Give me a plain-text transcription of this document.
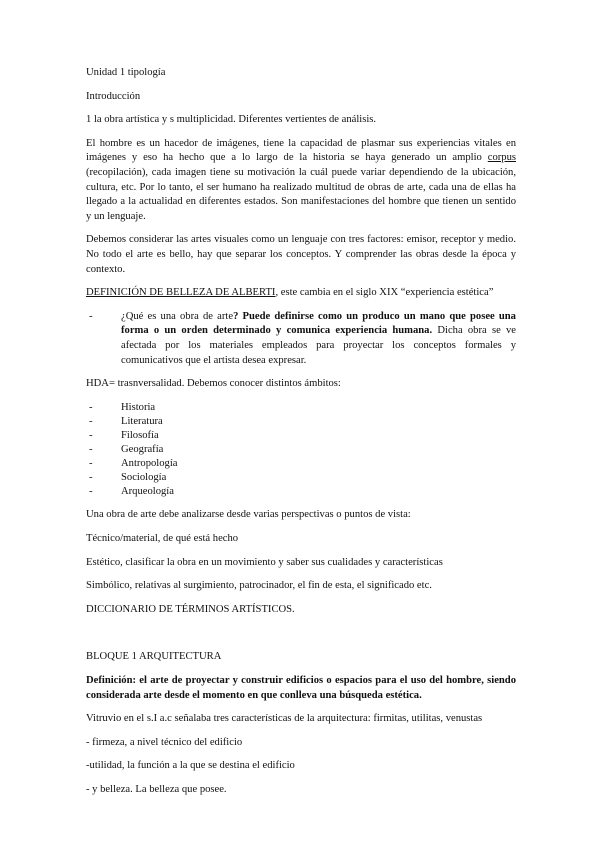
Unidad 1 tipología

Introducción

1 la obra artística y s multiplicidad. Diferentes vertientes de análisis.

El hombre es un hacedor de imágenes, tiene la capacidad de plasmar sus experiencias vitales en imágenes y eso ha hecho que a lo largo de la historia se haya generado un amplio corpus (recopilación), cada imagen tiene su motivación la cuál puede variar dependiendo de la ubicación, cultura, etc. Por lo tanto, el ser humano ha realizado multitud de obras de arte, cada una de ellas ha llegado a la actualidad en diferentes estados. Son manifestaciones del hombre que tienen un sentido y un lenguaje.

Debemos considerar las artes visuales como un lenguaje con tres factores: emisor, receptor y medio. No todo el arte es bello, hay que separar los conceptos. Y comprender las obras desde la época y contexto.

DEFINICIÓN DE BELLEZA DE ALBERTI, este cambia en el siglo XIX “experiencia estética”

- ¿Qué es una obra de arte? Puede definirse como un produco un mano que posee una forma o un orden determinado y comunica experiencia humana. Dicha obra se ve afectada por los materiales empleados para proyectar los conceptos formales y comunicativos que el artista desea expresar.

HDA= trasnversalidad. Debemos conocer distintos ámbitos:

- Historia
- Literatura
- Filosofía
- Geografía
- Antropología
- Sociología
- Arqueología

Una obra de arte debe analizarse desde varias perspectivas o puntos de vista:

Técnico/material, de qué está hecho

Estético, clasificar la obra en un movimiento y saber sus cualidades y características

Simbólico, relativas al surgimiento, patrocinador, el fin de esta, el significado etc.

DICCIONARIO DE TÉRMINOS ARTÍSTICOS.

BLOQUE 1 ARQUITECTURA

Definición: el arte de proyectar y construir edificios o espacios para el uso del hombre, siendo considerada arte desde el momento en que conlleva una búsqueda estética.

Vitruvio en el s.I a.c señalaba tres características de la arquitectura: firmitas, utilitas, venustas

- firmeza, a nivel técnico del edificio

-utilidad, la función a la que se destina el edificio

- y belleza. La belleza que posee.
